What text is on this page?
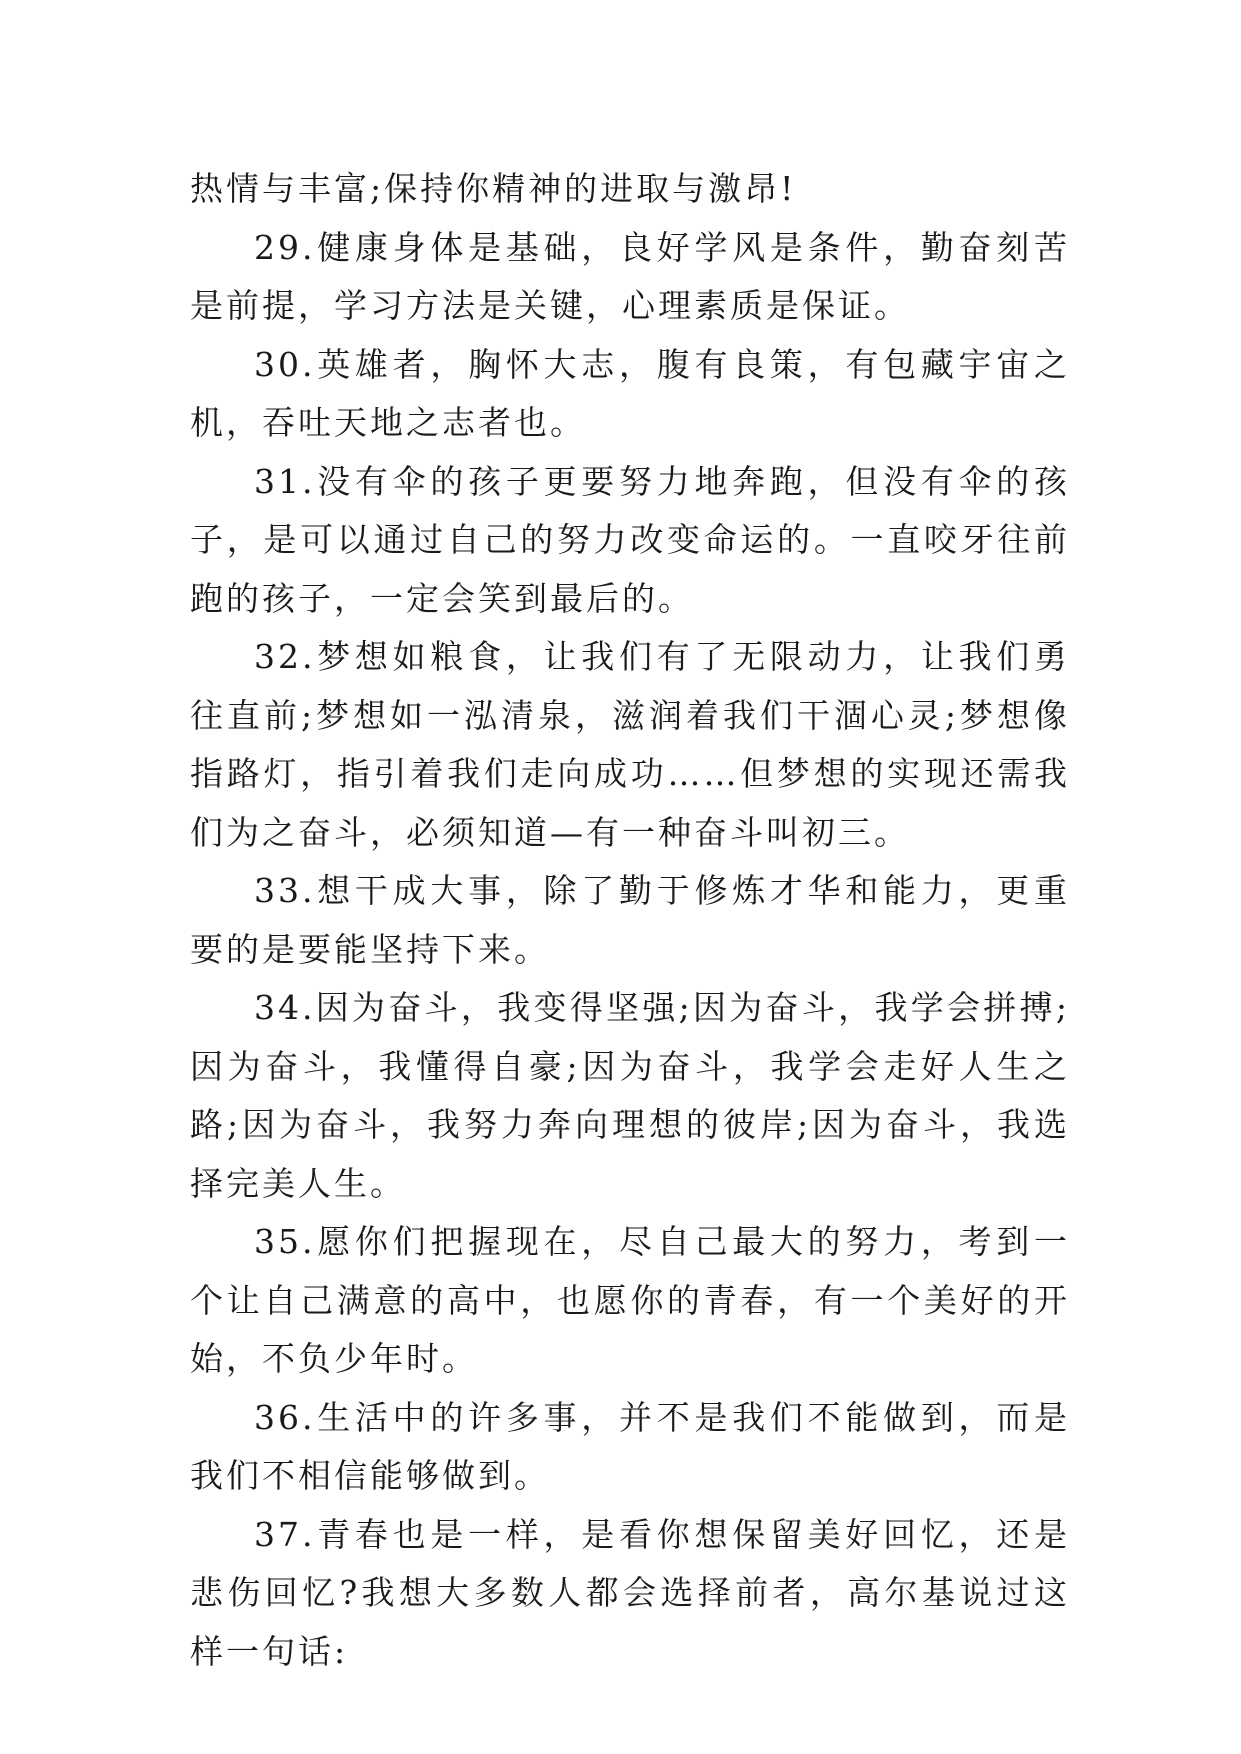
热情与丰富;保持你精神的进取与激昂!

29.健康身体是基础，良好学风是条件，勤奋刻苦是前提，学习方法是关键，心理素质是保证。

30.英雄者，胸怀大志，腹有良策，有包藏宇宙之机，吞吐天地之志者也。

31.没有伞的孩子更要努力地奔跑，但没有伞的孩子，是可以通过自己的努力改变命运的。一直咬牙往前跑的孩子，一定会笑到最后的。

32.梦想如粮食，让我们有了无限动力，让我们勇往直前;梦想如一泓清泉，滋润着我们干涸心灵;梦想像指路灯，指引着我们走向成功……但梦想的实现还需我们为之奋斗，必须知道—有一种奋斗叫初三。

33.想干成大事，除了勤于修炼才华和能力，更重要的是要能坚持下来。

34.因为奋斗，我变得坚强;因为奋斗，我学会拼搏;因为奋斗，我懂得自豪;因为奋斗，我学会走好人生之路;因为奋斗，我努力奔向理想的彼岸;因为奋斗，我选择完美人生。

35.愿你们把握现在，尽自己最大的努力，考到一个让自己满意的高中，也愿你的青春，有一个美好的开始，不负少年时。

36.生活中的许多事，并不是我们不能做到，而是我们不相信能够做到。

37.青春也是一样，是看你想保留美好回忆，还是悲伤回忆?我想大多数人都会选择前者，高尔基说过这样一句话:
